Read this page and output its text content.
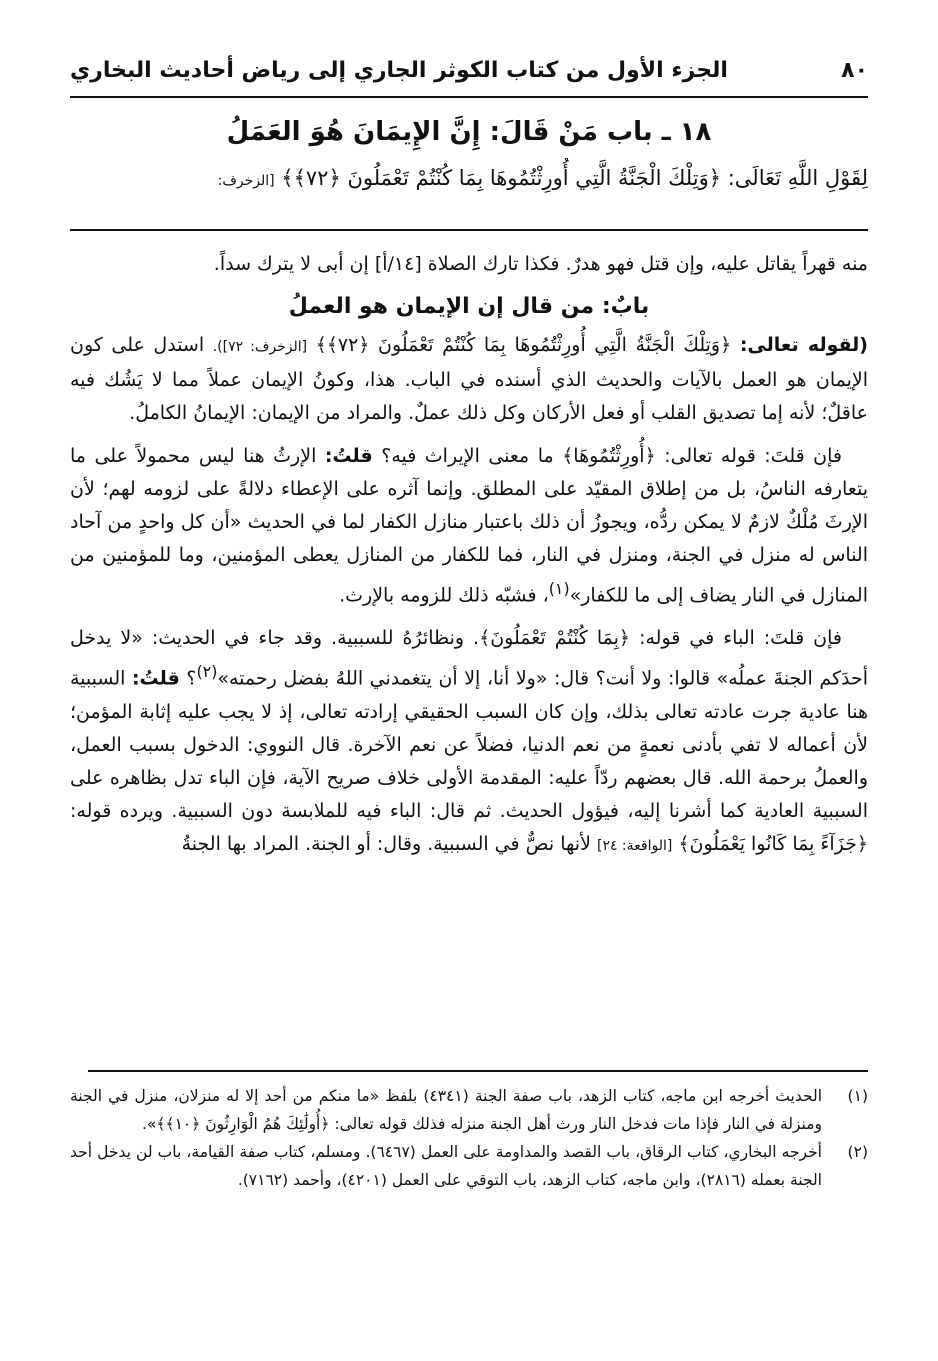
٨٠
الجزء الأول من كتاب الكوثر الجاري إلى رياض أحاديث البخاري
١٨ ـ باب مَنْ قَالَ: إِنَّ الإِيمَانَ هُوَ العَمَلُ
لِقَوْلِ اللَّهِ تَعَالَى: ﴿وَتِلْكَ الْجَنَّةُ الَّتِي أُورِثْتُمُوهَا بِمَا كُنْتُمْ تَعْمَلُونَ ﴿٧٢﴾﴾ [الزخرف:

منه قهراً يقاتل عليه، وإن قتل فهو هدرٌ. فكذا تارك الصلاة [١٤/أ] إن أبى لا يترك سداً.

بابٌ: من قال إن الإيمان هو العملُ

(لقوله تعالى: ﴿وَتِلْكَ الْجَنَّةُ الَّتِي أُورِثْتُمُوهَا بِمَا كُنْتُمْ تَعْمَلُونَ ﴿٧٢﴾﴾ [الزخرف: ٧٢]). استدل على كون الإيمان هو العمل بالآيات والحديث الذي أسنده في الباب. هذا، وكونُ الإيمان عملاً مما لا يَشُك فيه عاقلٌ؛ لأنه إما تصديق القلب أو فعل الأركان وكل ذلك عملٌ. والمراد من الإيمان: الإيمانُ الكاملُ.

فإن قلتَ: قوله تعالى: ﴿أُورِثْتُمُوهَا﴾ ما معنى الإيراث فيه؟ قلتُ: الإرثُ هنا ليس محمولاً على ما يتعارفه الناسُ، بل من إطلاق المقيّد على المطلق. وإنما آثره على الإعطاء دلالةً على لزومه لهم؛ لأن الإرثَ مُلْكٌ لازمٌ لا يمكن ردُّه، ويجوزُ أن ذلك باعتبار منازل الكفار لما في الحديث «أن كل واحدٍ من آحاد الناس له منزل في الجنة، ومنزل في النار، فما للكفار من المنازل يعطى المؤمنين، وما للمؤمنين من المنازل في النار يضاف إلى ما للكفار»$^{(١)}$، فشبّه ذلك للزومه بالإرث.

فإن قلتَ: الباء في قوله: ﴿بِمَا كُنْتُمْ تَعْمَلُونَ﴾. ونظائرُهُ للسببية. وقد جاء في الحديث: «لا يدخل أحدَكم الجنةَ عملُه» قالوا: ولا أنت؟ قال: «ولا أنا، إلا أن يتغمدني اللهُ بفضل رحمته»$^{(٢)}$؟ قلتُ: السببية هنا عادية جرت عادته تعالى بذلك، وإن كان السبب الحقيقي إرادته تعالى، إذ لا يجب عليه إثابة المؤمن؛ لأن أعماله لا تفي بأدنى نعمةٍ من نعم الدنيا، فضلاً عن نعم الآخرة. قال النووي: الدخول بسبب العمل، والعملُ برحمة الله. قال بعضهم ردّاً عليه: المقدمة الأولى خلاف صريح الآية، فإن الباء تدل بظاهره على السببية العادية كما أشرنا إليه، فيؤول الحديث. ثم قال: الباء فيه للملابسة دون السببية. ويرده قوله: ﴿جَزَآءً بِمَا كَانُوا يَعْمَلُونَ﴾ [الواقعة: ٢٤] لأنها نصٌّ في السببية. وقال: أو الجنة. المراد بها الجنةُ

(١)
الحديث أخرجه ابن ماجه، كتاب الزهد، باب صفة الجنة (٤٣٤١) بلفظ «ما منكم من أحد إلا له منزلان، منزل في الجنة ومنزلة في النار فإذا مات فدخل النار ورث أهل الجنة منزله فذلك قوله تعالى: ﴿أُولَٰئِكَ هُمُ الْوَارِثُونَ ﴿١٠﴾﴾».
(٢)
أخرجه البخاري، كتاب الرقاق، باب القصد والمداومة على العمل (٦٤٦٧). ومسلم، كتاب صفة القيامة، باب لن يدخل أحد الجنة بعمله (٢٨١٦)، وابن ماجه، كتاب الزهد، باب التوقي على العمل (٤٢٠١)، وأحمد (٧١٦٢).
